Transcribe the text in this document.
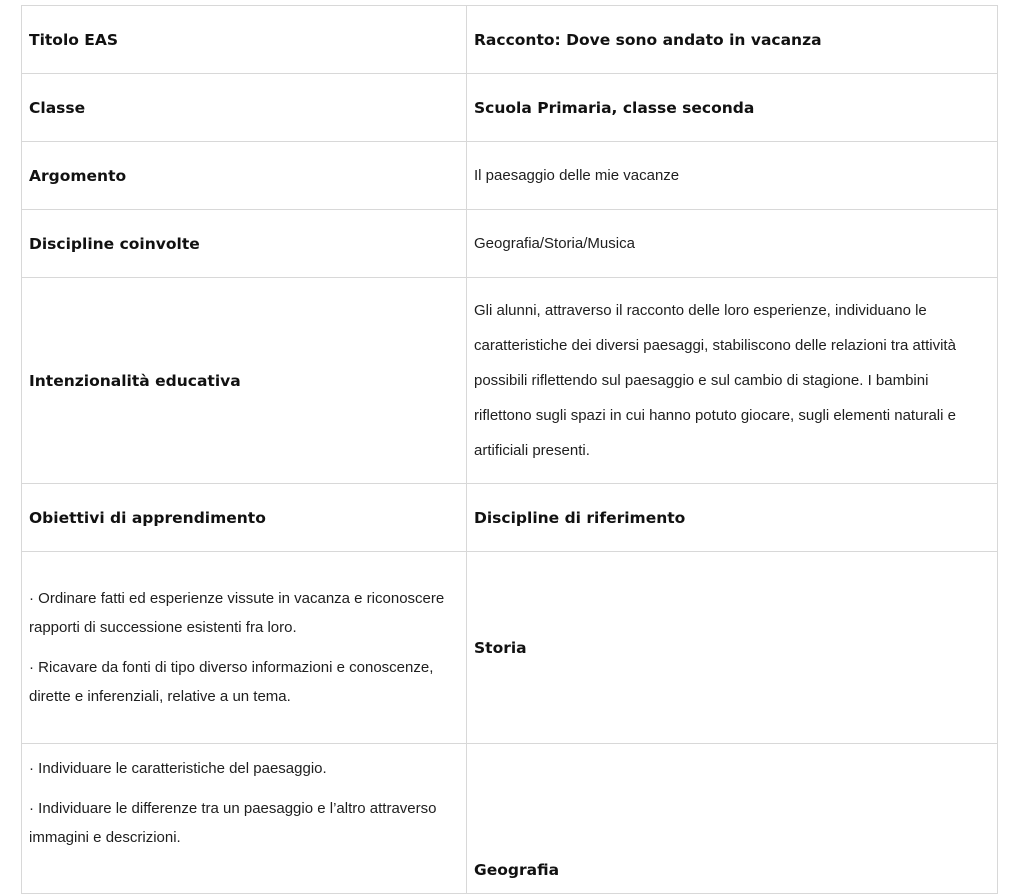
Titolo EAS	Racconto: Dove sono andato in vacanza
Classe	Scuola Primaria, classe seconda
Argomento	Il paesaggio delle mie vacanze
Discipline coinvolte	Geografia/Storia/Musica
Intenzionalità educativa	Gli alunni, attraverso il racconto delle loro esperienze, individuano le caratteristiche dei diversi paesaggi, stabiliscono delle relazioni tra attività possibili riflettendo sul paesaggio e sul cambio di stagione. I bambini riflettono sugli spazi in cui hanno potuto giocare, sugli elementi naturali e artificiali presenti.
Obiettivi di apprendimento	Discipline di riferimento

· Ordinare fatti ed esperienze vissute in vacanza e riconoscere rapporti di successione esistenti fra loro.

· Ricavare da fonti di tipo diverso informazioni e conoscenze, dirette e inferenziali, relative a un tema.	Storia

· Individuare le caratteristiche del paesaggio.

· Individuare le differenze tra un paesaggio e l’altro attraverso immagini e descrizioni.	Geografia
